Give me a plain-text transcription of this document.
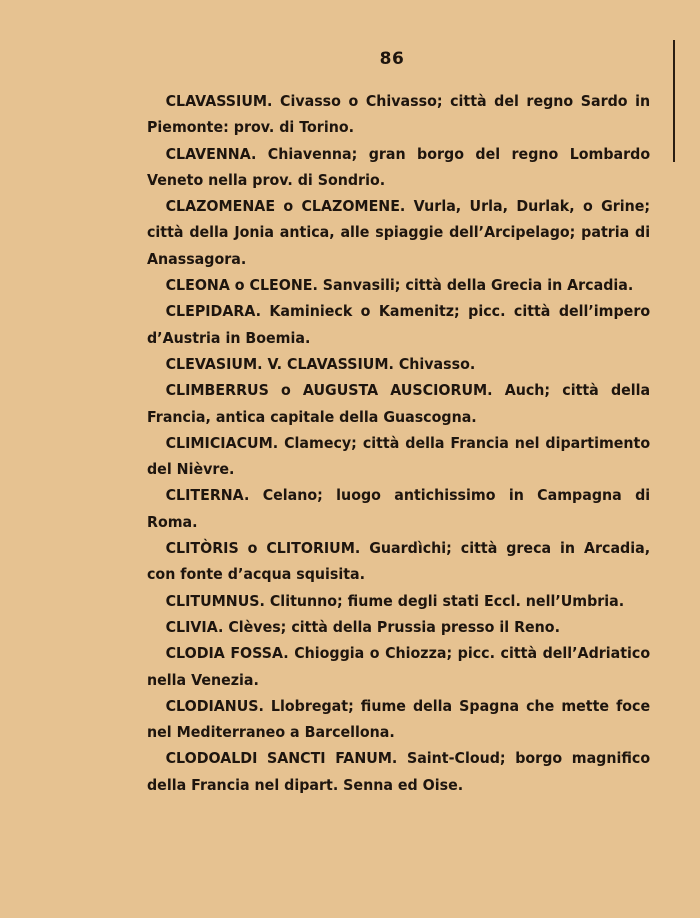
86

CLAVASSIUM. Civasso o Chivasso; città del regno Sardo in Piemonte: prov. di Torino.

CLAVENNA. Chiavenna; gran borgo del regno Lombardo Veneto nella prov. di Sondrio.

CLAZOMENAE o CLAZOMENE. Vurla, Urla, Durlak, o Grine; città della Jonia antica, alle spiaggie dell’Arcipelago; patria di Anassagora.

CLEONA o CLEONE. Sanvasili; città della Grecia in Arcadia.

CLEPIDARA. Kaminieck o Kamenitz; picc. città dell’impero d’Austria in Boemia.

CLEVASIUM. V. CLAVASSIUM. Chivasso.

CLIMBERRUS o AUGUSTA AUSCIORUM. Auch; città della Francia, antica capitale della Guascogna.

CLIMICIACUM. Clamecy; città della Francia nel dipartimento del Nièvre.

CLITERNA. Celano; luogo antichissimo in Campagna di Roma.

CLITÒRIS o CLITORIUM. Guardìchi; città greca in Arcadia, con fonte d’acqua squisita.

CLITUMNUS. Clitunno; fiume degli stati Eccl. nell’Umbria.

CLIVIA. Clèves; città della Prussia presso il Reno.

CLODIA FOSSA. Chioggia o Chiozza; picc. città dell’Adriatico nella Venezia.

CLODIANUS. Llobregat; fiume della Spagna che mette foce nel Mediterraneo a Barcellona.

CLODOALDI SANCTI FANUM. Saint-Cloud; borgo magnifico della Francia nel dipart. Senna ed Oise.
